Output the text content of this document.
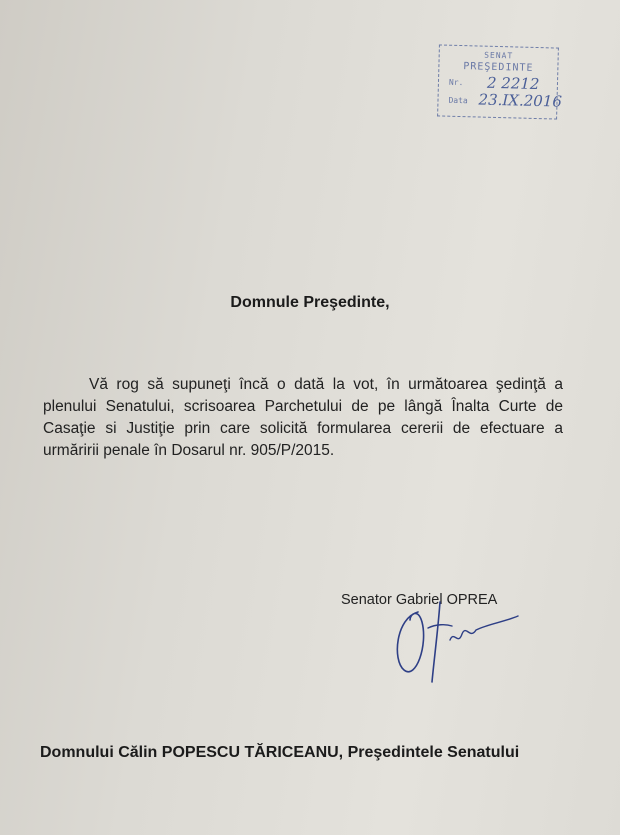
SENAT
PREŞEDINTE
Nr. 2 2212
Data 23.IX.2016
Domnule Preşedinte,
Vă rog să supuneţi încă o dată la vot, în următoarea şedinţă a plenului Senatului, scrisoarea Parchetului de pe lângă Înalta Curte de Casaţie si Justiţie prin care solicită formularea cererii de efectuare a urmăririi penale în Dosarul nr. 905/P/2015.
Senator Gabriel OPREA
Domnului Călin POPESCU TĂRICEANU, Preşedintele Senatului
